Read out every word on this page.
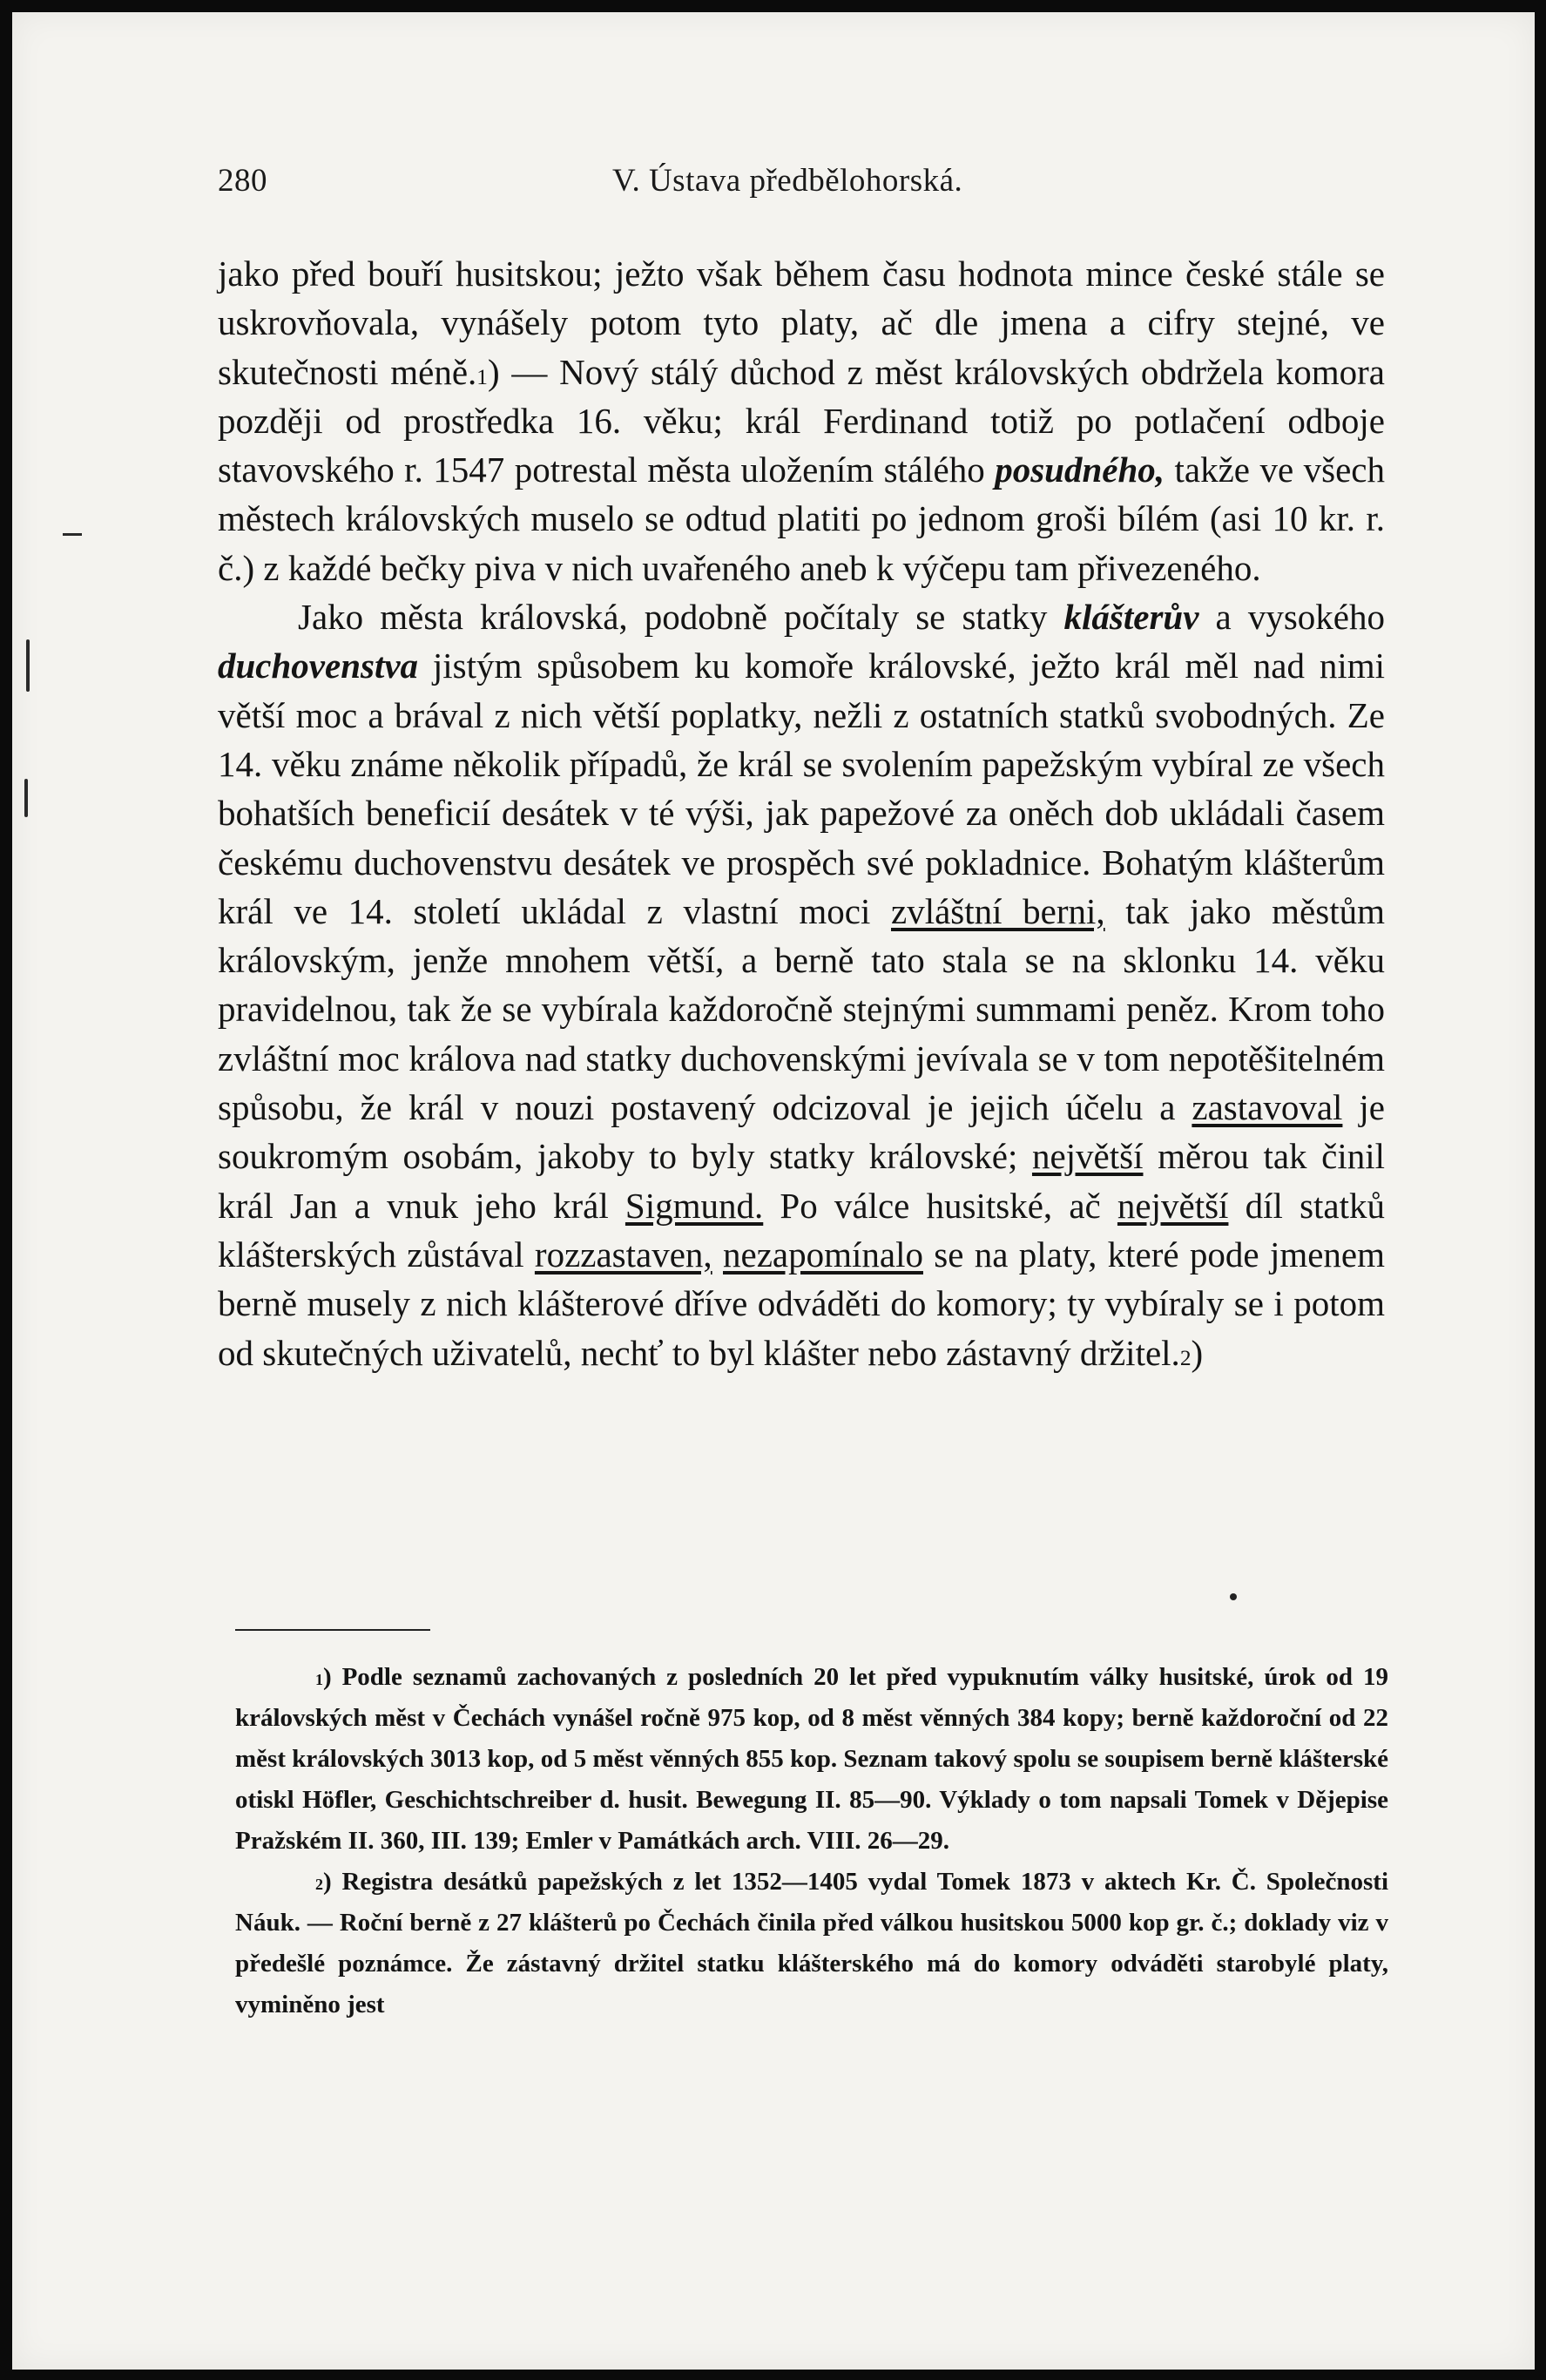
280	V. Ústava předbělohorská.

jako před bouří husitskou; ježto však během času hodnota mince české stále se uskrovňovala, vynášely potom tyto platy, ač dle jmena a cifry stejné, ve skutečnosti méně.$^1$) — Nový stálý důchod z měst královských obdržela komora později od prostředka 16. věku; král Ferdinand totiž po potlačení odboje stavovského r. 1547 potrestal města uložením stálého posudného, takže ve všech městech královských muselo se odtud platiti po jednom groši bílém (asi 10 kr. r. č.) z každé bečky piva v nich uvařeného aneb k výčepu tam přivezeného.

Jako města královská, podobně počítaly se statky klášterův a vysokého duchovenstva jistým spůsobem ku komoře královské, ježto král měl nad nimi větší moc a brával z nich větší poplatky, nežli z ostatních statků svobodných. Ze 14. věku známe několik případů, že král se svolením papežským vybíral ze všech bohatších beneficií desátek v té výši, jak papežové za oněch dob ukládali časem českému duchovenstvu desátek ve prospěch své pokladnice. Bohatým klášterům král ve 14. století ukládal z vlastní moci zvláštní berni, tak jako městům královským, jenže mnohem větší, a berně tato stala se na sklonku 14. věku pravidelnou, tak že se vybírala každoročně stejnými summami peněz. Krom toho zvláštní moc králova nad statky duchovenskými jevívala se v tom nepotěšitelném spůsobu, že král v nouzi postavený odcizoval je jejich účelu a zastavoval je soukromým osobám, jakoby to byly statky královské; největší měrou tak činil král Jan a vnuk jeho král Sigmund. Po válce husitské, ač největší díl statků klášterských zůstával rozzastaven, nezapomínalo se na platy, které pode jmenem berně musely z nich klášterové dříve odváděti do komory; ty vybíraly se i potom od skutečných uživatelů, nechť to byl klášter nebo zástavný držitel.$^2$)

$^1$) Podle seznamů zachovaných z posledních 20 let před vypuknutím války husitské, úrok od 19 královských měst v Čechách vynášel ročně 975 kop, od 8 měst věnných 384 kopy; berně každoroční od 22 měst královských 3013 kop, od 5 měst věnných 855 kop. Seznam takový spolu se soupisem berně klášterské otiskl Höfler, Geschichtschreiber d. husit. Bewegung II. 85—90. Výklady o tom napsali Tomek v Dějepise Pražském II. 360, III. 139; Emler v Památkách arch. VIII. 26—29.

$^2$) Registra desátků papežských z let 1352—1405 vydal Tomek 1873 v aktech Kr. Č. Společnosti Náuk. — Roční berně z 27 klášterů po Čechách činila před válkou husitskou 5000 kop gr. č.; doklady viz v předešlé poznámce. Že zástavný držitel statku klášterského má do komory odváděti starobylé platy, vyminěno jest
